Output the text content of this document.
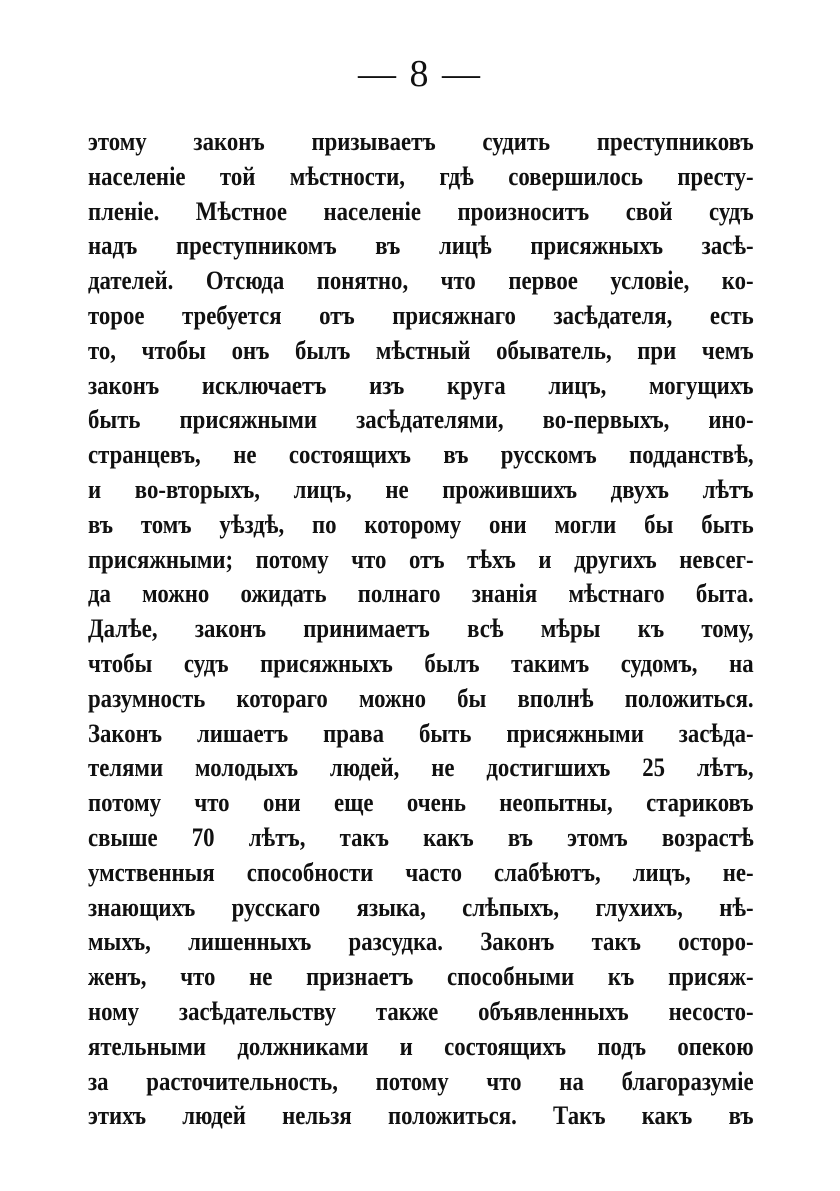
— 8 —
этому законъ призываетъ судить преступниковъ
населеніе той мѣстности, гдѣ совершилось престу-
пленіе. Мѣстное населеніе произноситъ свой судъ
надъ преступникомъ въ лицѣ присяжныхъ засѣ-
дателей. Отсюда понятно, что первое условіе, ко-
торое требуется отъ присяжнаго засѣдателя, есть
то, чтобы онъ былъ мѣстный обыватель, при чемъ
законъ исключаетъ изъ круга лицъ, могущихъ
быть присяжными засѣдателями, во-первыхъ, ино-
странцевъ, не состоящихъ въ русскомъ подданствѣ,
и во-вторыхъ, лицъ, не прожившихъ двухъ лѣтъ
въ томъ уѣздѣ, по которому они могли бы быть
присяжными; потому что отъ тѣхъ и другихъ невсег-
да можно ожидать полнаго знанія мѣстнаго быта.
Далѣе, законъ принимаетъ всѣ мѣры къ тому,
чтобы судъ присяжныхъ былъ такимъ судомъ, на
разумность котораго можно бы вполнѣ положиться.
Законъ лишаетъ права быть присяжными засѣда-
телями молодыхъ людей, не достигшихъ 25 лѣтъ,
потому что они еще очень неопытны, стариковъ
свыше 70 лѣтъ, такъ какъ въ этомъ возрастѣ
умственныя способности часто слабѣютъ, лицъ, не-
знающихъ русскаго языка, слѣпыхъ, глухихъ, нѣ-
мыхъ, лишенныхъ разсудка. Законъ такъ осторо-
женъ, что не признаетъ способными къ присяж-
ному засѣдательству также объявленныхъ несосто-
ятельными должниками и состоящихъ подъ опекою
за расточительность, потому что на благоразуміе
этихъ людей нельзя положиться. Такъ какъ въ
